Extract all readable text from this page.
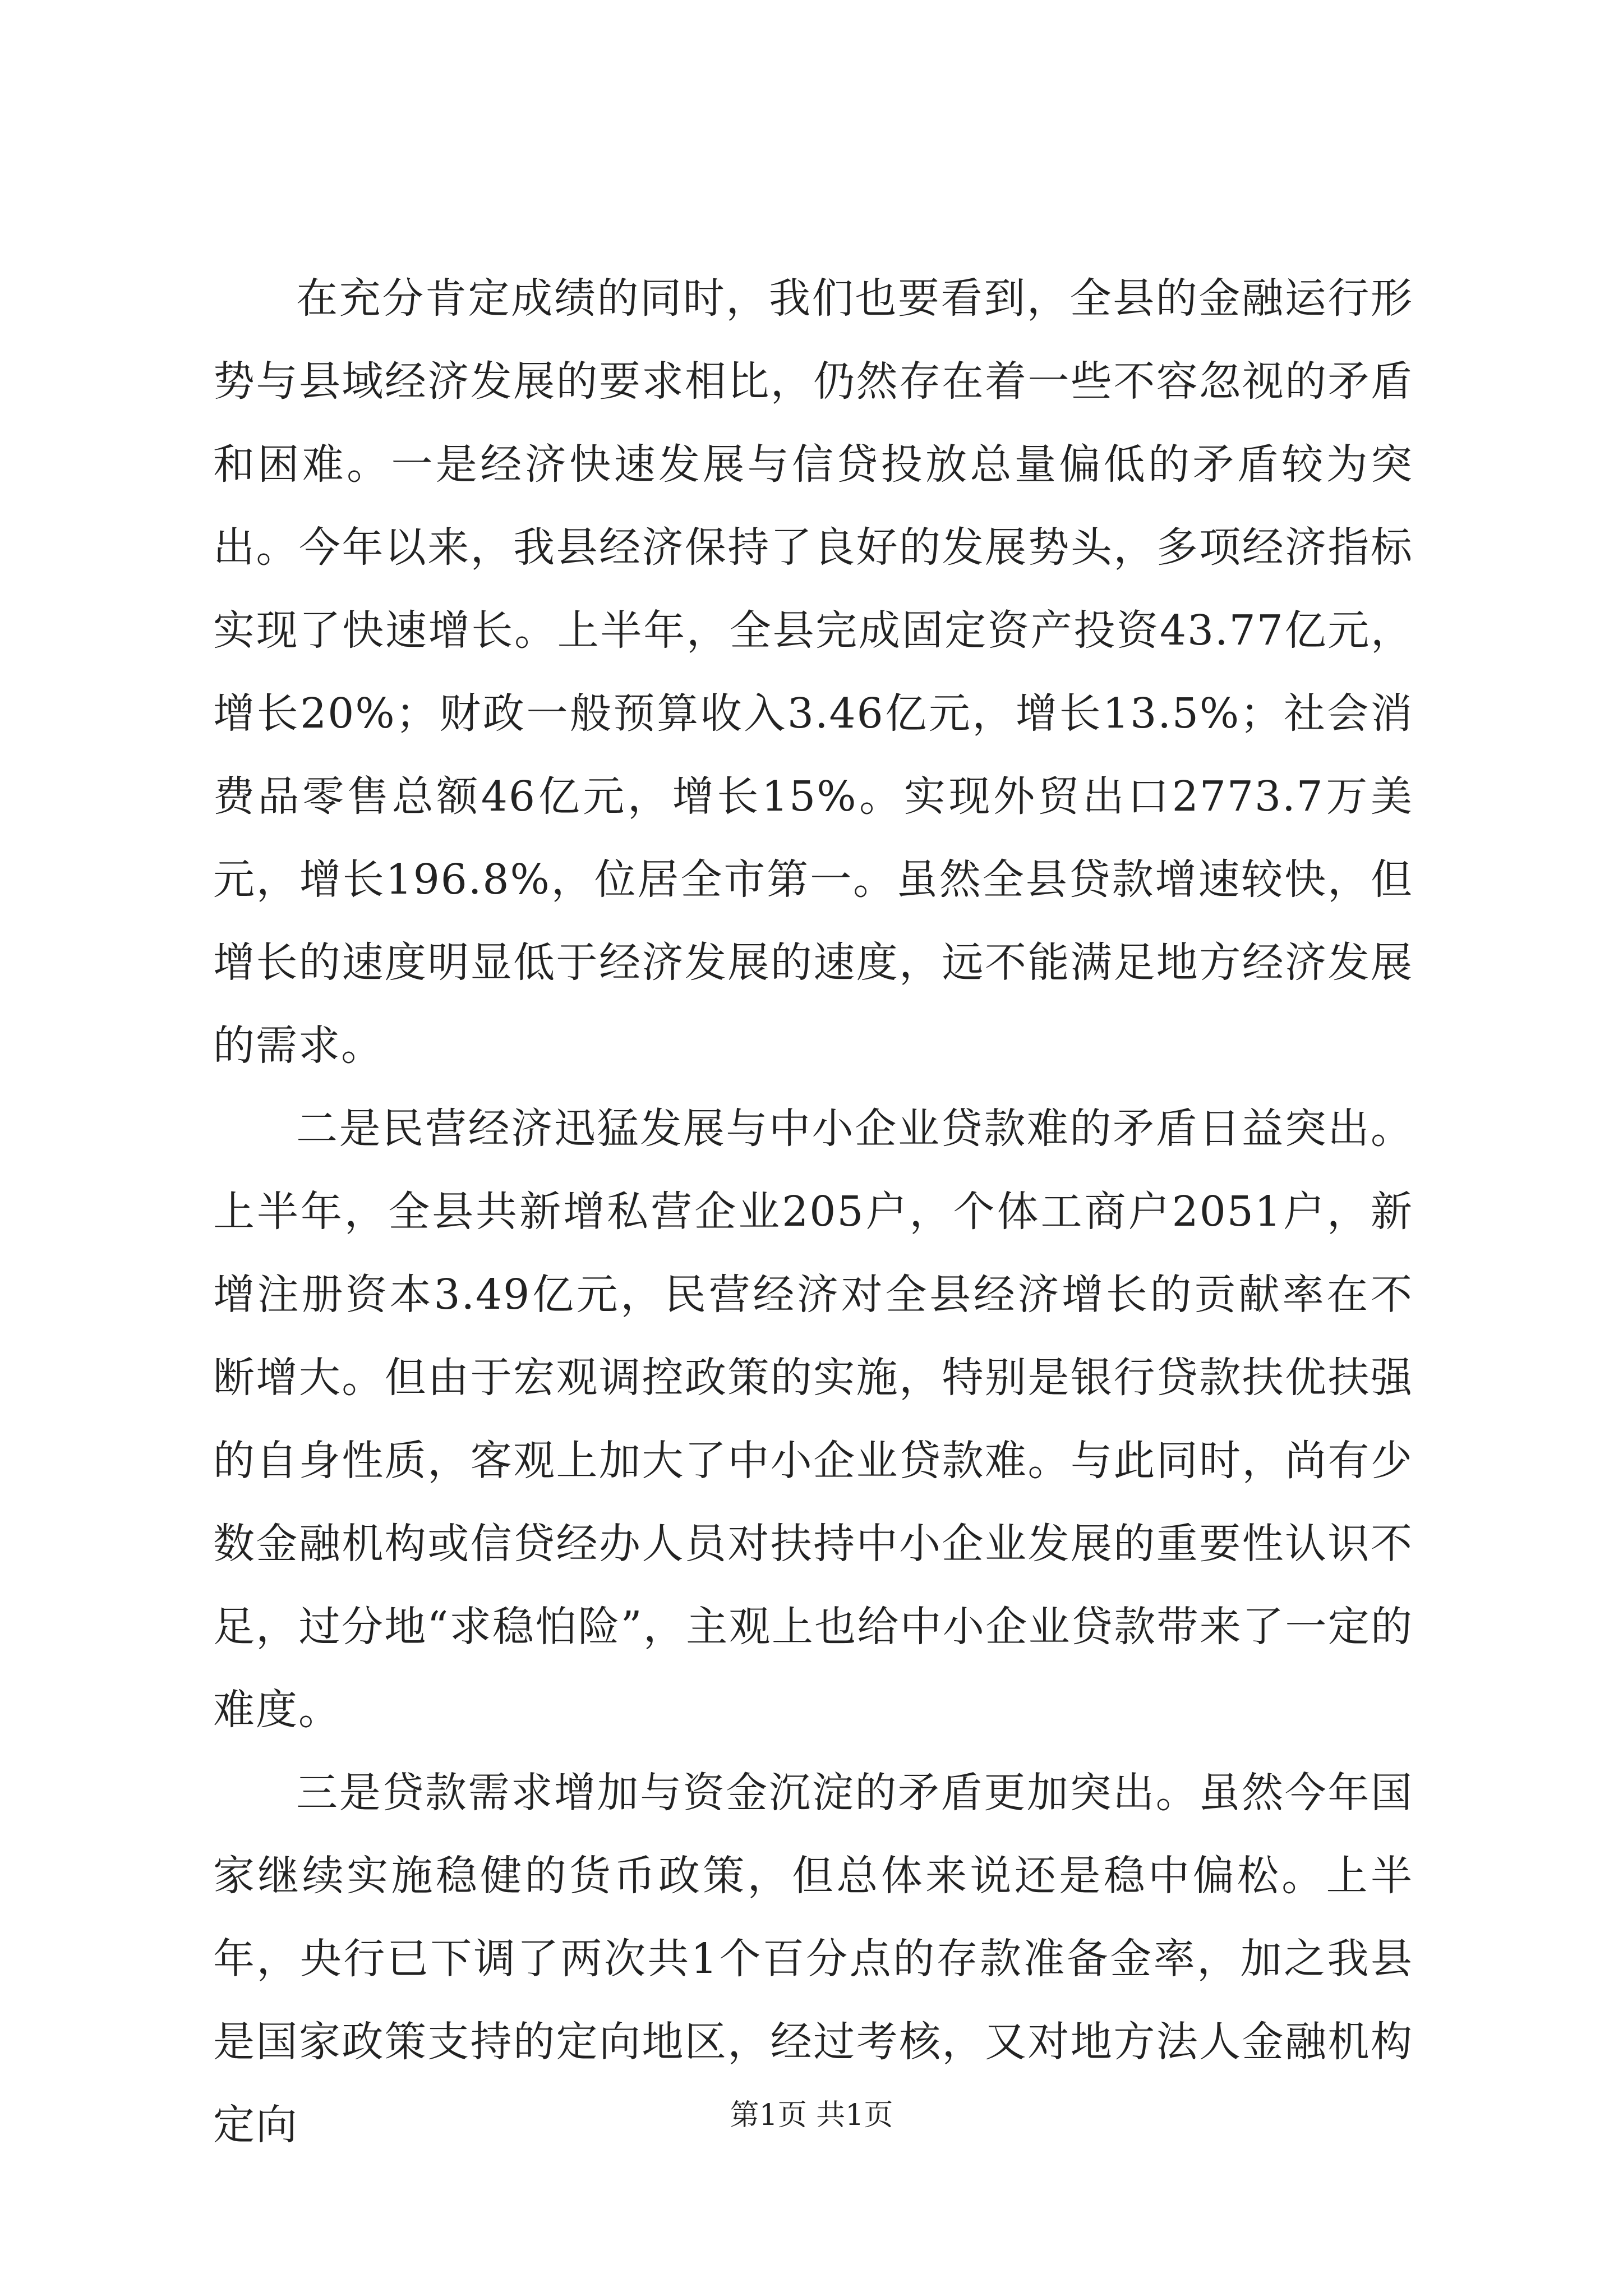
在充分肯定成绩的同时，我们也要看到，全县的金融运行形势与县域经济发展的要求相比，仍然存在着一些不容忽视的矛盾和困难。一是经济快速发展与信贷投放总量偏低的矛盾较为突出。今年以来，我县经济保持了良好的发展势头，多项经济指标实现了快速增长。上半年，全县完成固定资产投资43.77亿元，增长20%；财政一般预算收入3.46亿元，增长13.5%；社会消费品零售总额46亿元，增长15%。实现外贸出口2773.7万美元，增长196.8%，位居全市第一。虽然全县贷款增速较快，但增长的速度明显低于经济发展的速度，远不能满足地方经济发展的需求。

二是民营经济迅猛发展与中小企业贷款难的矛盾日益突出。上半年，全县共新增私营企业205户，个体工商户2051户，新增注册资本3.49亿元，民营经济对全县经济增长的贡献率在不断增大。但由于宏观调控政策的实施，特别是银行贷款扶优扶强的自身性质，客观上加大了中小企业贷款难。与此同时，尚有少数金融机构或信贷经办人员对扶持中小企业发展的重要性认识不足，过分地“求稳怕险”，主观上也给中小企业贷款带来了一定的难度。

三是贷款需求增加与资金沉淀的矛盾更加突出。虽然今年国家继续实施稳健的货币政策，但总体来说还是稳中偏松。上半年，央行已下调了两次共1个百分点的存款准备金率，加之我县是国家政策支持的定向地区，经过考核，又对地方法人金融机构定向	第1页 共1页
